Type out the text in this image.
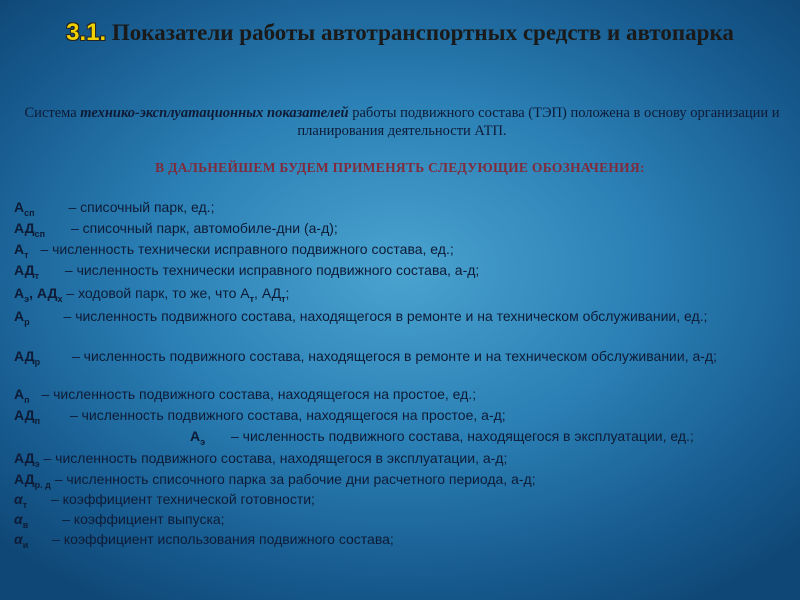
3.1. Показатели работы автотранспортных средств и автопарка
Система технико-эксплуатационных показателей работы подвижного состава (ТЭП) положена в основу организации и планирования деятельности АТП.
В ДАЛЬНЕЙШЕМ БУДЕМ ПРИМЕНЯТЬ СЛЕДУЮЩИЕ ОБОЗНАЧЕНИЯ:
$А_{сп}$ – списочный парк, ед.;
$АД_{сп}$ – списочный парк, автомобиле-дни (а-д);
$А_т$ – численность технически исправного подвижного состава, ед.;
$АД_т$ – численность технически исправного подвижного состава, а-д;
$А_э$, $АД_х$ – ходовой парк, то же, что $А_т$, $АД_т$;
$А_р$ – численность подвижного состава, находящегося в ремонте и на техническом обслуживании, ед.;
$АД_р$ – численность подвижного состава, находящегося в ремонте и на техническом обслуживании, а-д;
$А_п$ – численность подвижного состава, находящегося на простое, ед.;
$АД_п$ – численность подвижного состава, находящегося на простое, а-д;
$А_э$ – численность подвижного состава, находящегося в эксплуатации, ед.;
$АД_э$ – численность подвижного состава, находящегося в эксплуатации, а-д;
$АД_{р. д}$ – численность списочного парка за рабочие дни расчетного периода, а-д;
$\alpha_т$ – коэффициент технической готовности;
$\alpha_в$ – коэффициент выпуска;
$\alpha_и$ – коэффициент использования подвижного состава;
